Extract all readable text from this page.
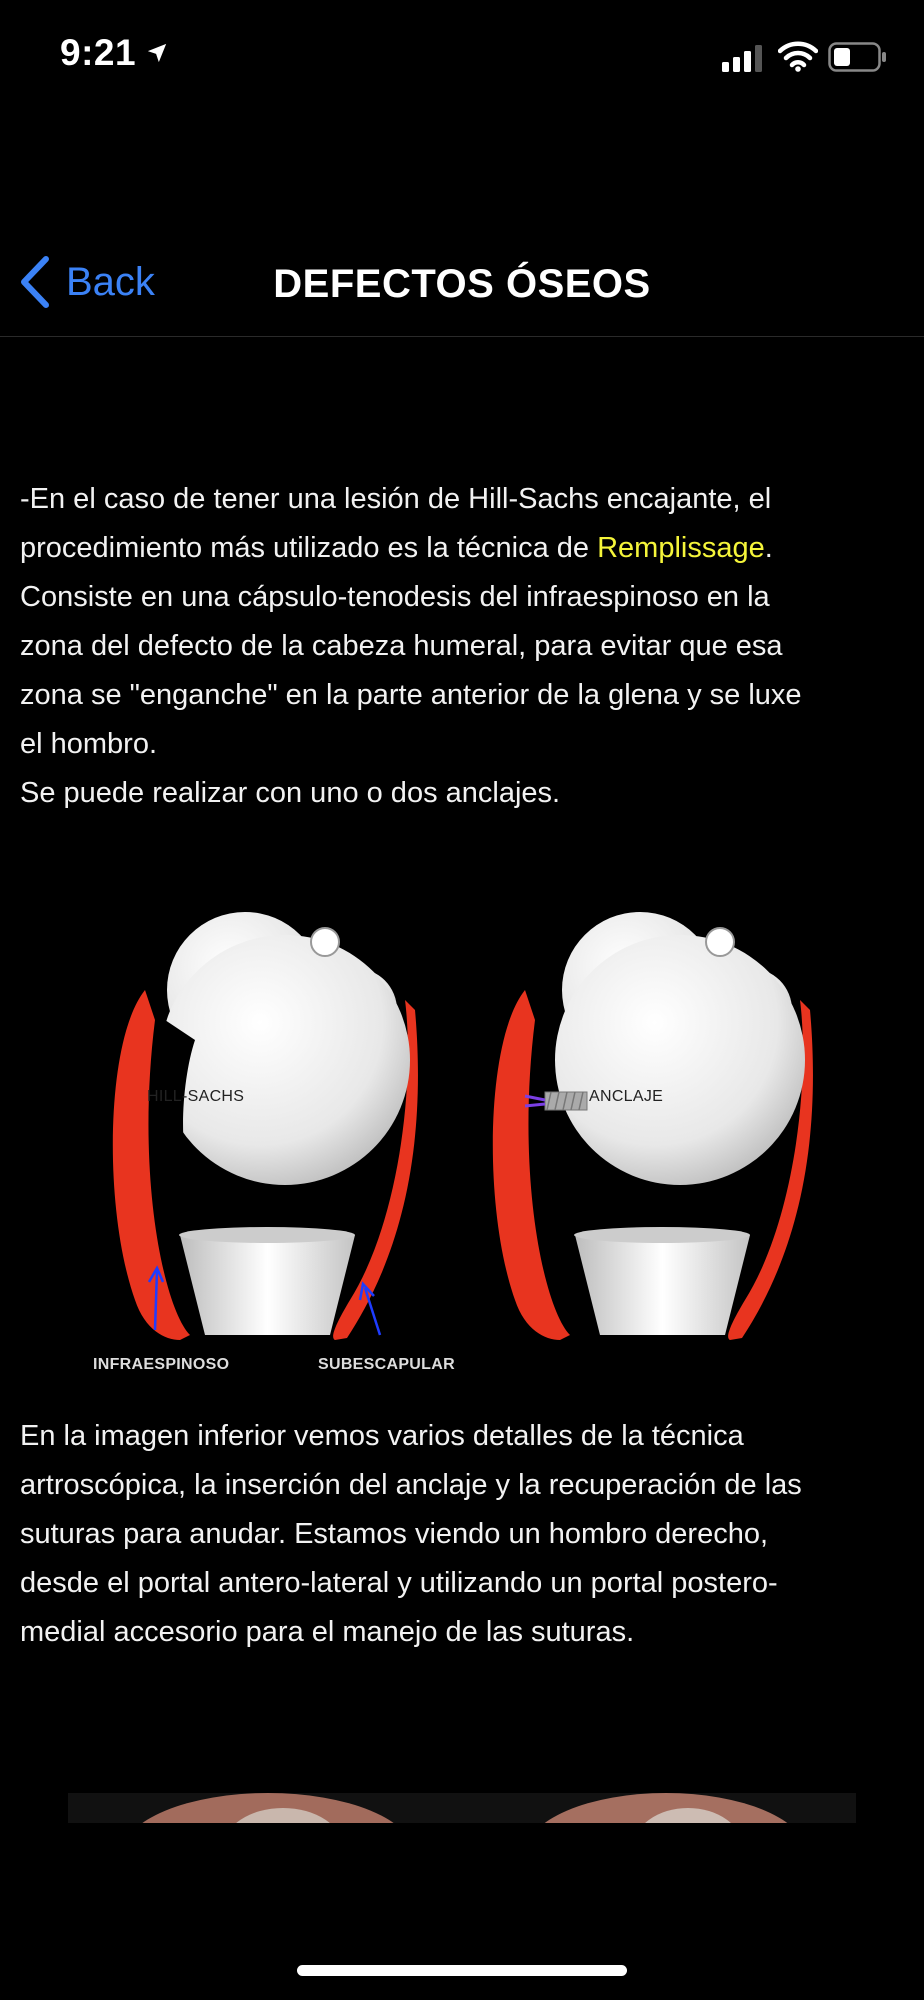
9:21
Back	DEFECTOS ÓSEOS
-En el caso de tener una lesión de Hill-Sachs encajante, el
procedimiento más utilizado es la técnica de Remplissage.
Consiste en una cápsulo-tenodesis del infraespinoso en la
zona del defecto de la cabeza humeral, para evitar que esa
zona se "enganche" en la parte anterior de la glena y se luxe
el hombro.
Se puede realizar con uno o dos anclajes.
HILL-SACHS	ANCLAJE
INFRAESPINOSO	SUBESCAPULAR
En la imagen inferior vemos varios detalles de la técnica
artroscópica, la inserción del anclaje y la recuperación de las
suturas para anudar. Estamos viendo un hombro derecho,
desde el portal antero-lateral y utilizando un portal postero-
medial accesorio para el manejo de las suturas.
